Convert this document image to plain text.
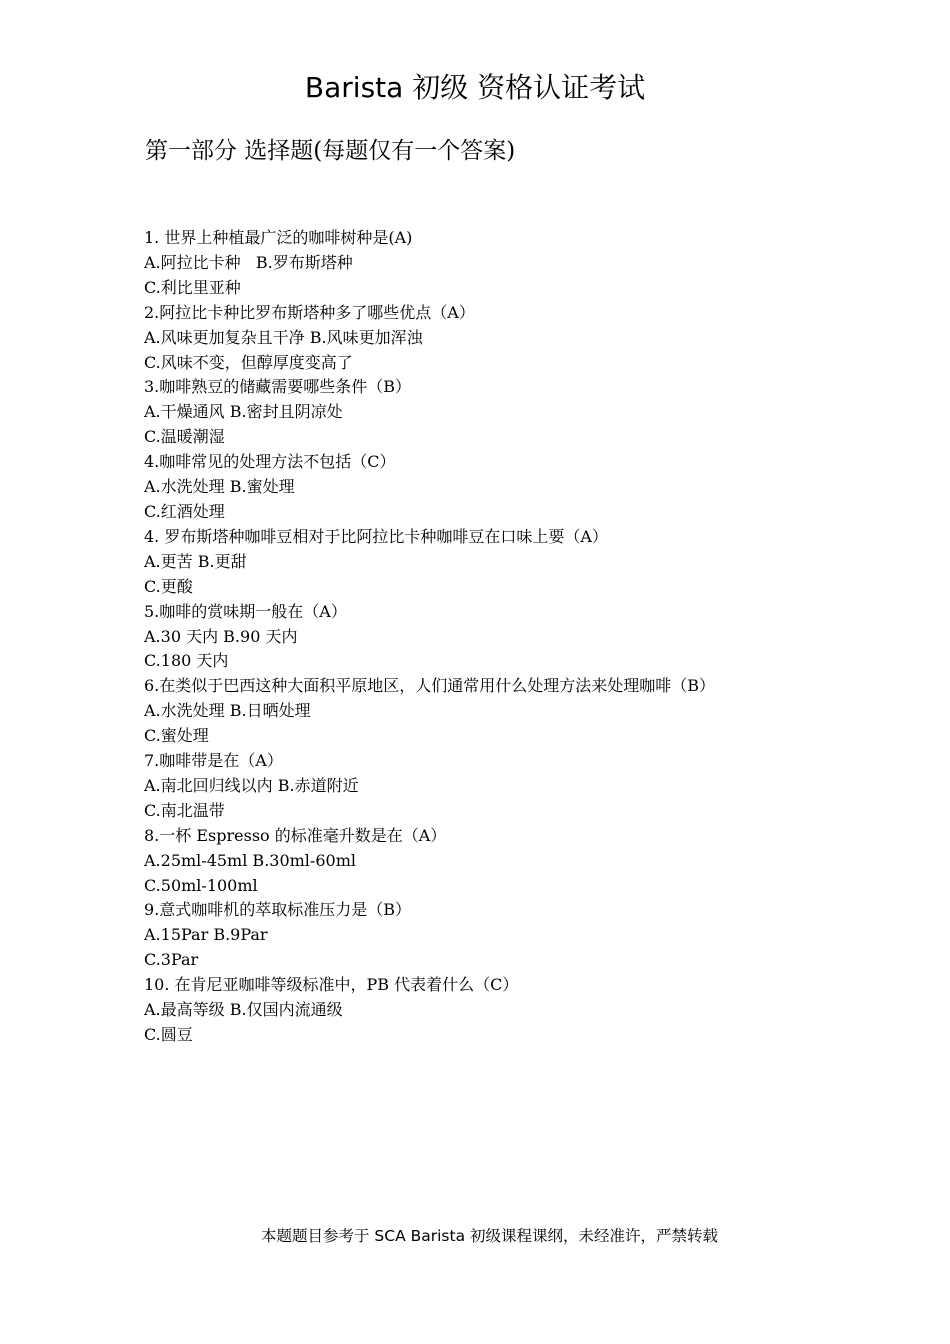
Barista 初级 资格认证考试
第一部分 选择题(每题仅有一个答案)
1. 世界上种植最广泛的咖啡树种是(A)
A.阿拉比卡种   B.罗布斯塔种
C.利比里亚种
2.阿拉比卡种比罗布斯塔种多了哪些优点（A）
A.风味更加复杂且干净 B.风味更加浑浊
C.风味不变，但醇厚度变高了
3.咖啡熟豆的储藏需要哪些条件（B）
A.干燥通风 B.密封且阴凉处
C.温暖潮湿
4.咖啡常见的处理方法不包括（C）
A.水洗处理 B.蜜处理
C.红酒处理
4. 罗布斯塔种咖啡豆相对于比阿拉比卡种咖啡豆在口味上要（A）
A.更苦 B.更甜
C.更酸
5.咖啡的赏味期一般在（A）
A.30 天内 B.90 天内
C.180 天内
6.在类似于巴西这种大面积平原地区，人们通常用什么处理方法来处理咖啡（B）
A.水洗处理 B.日晒处理
C.蜜处理
7.咖啡带是在（A）
A.南北回归线以内 B.赤道附近
C.南北温带
8.一杯 Espresso 的标准毫升数是在（A）
A.25ml-45ml B.30ml-60ml
C.50ml-100ml
9.意式咖啡机的萃取标准压力是（B）
A.15Par B.9Par
C.3Par
10. 在肯尼亚咖啡等级标准中，PB 代表着什么（C）
A.最高等级 B.仅国内流通级
C.圆豆
本题题目参考于 SCA Barista 初级课程课纲，未经准许，严禁转载
